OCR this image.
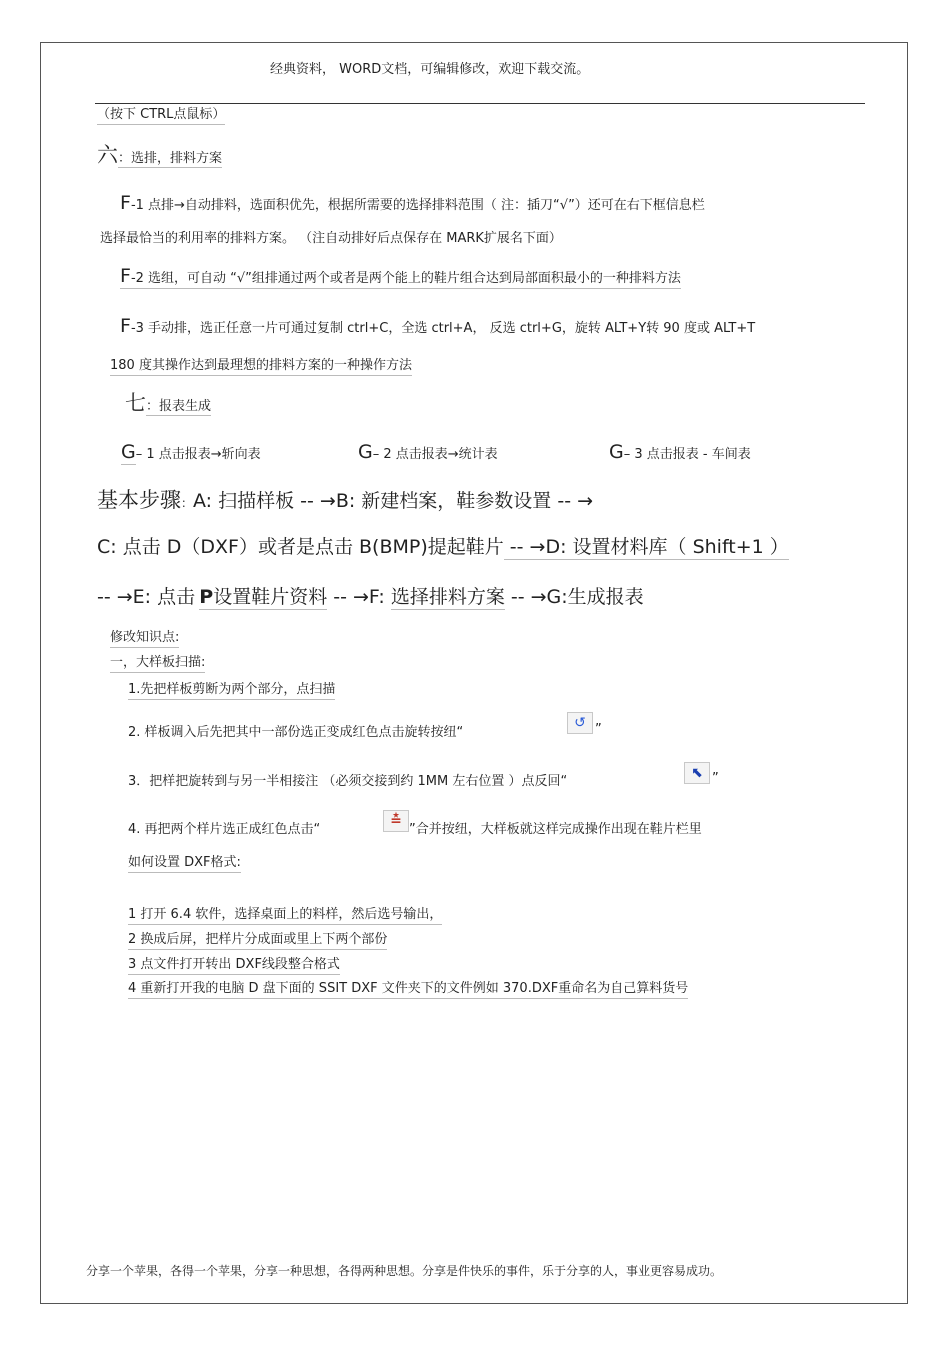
经典资料， WORD文档，可编辑修改，欢迎下载交流。
（按下 CTRL点鼠标）
六：选排，排料方案
F-1 点排→自动排料，选面积优先，根据所需要的选择排料范围（ 注：插刀“√”）还可在右下框信息栏
选择最恰当的利用率的排料方案。 （注自动排好后点保存在 MARK扩展名下面）
F-2 选组，可自动 “√”组排通过两个或者是两个能上的鞋片组合达到局部面积最小的一种排料方法
F-3 手动排，选正任意一片可通过复制 ctrl+C，全选 ctrl+A， 反选 ctrl+G，旋转 ALT+Y转 90 度或 ALT+T
180 度其操作达到最理想的排料方案的一种操作方法
七：报表生成
G– 1 点击报表→斩向表	G– 2 点击报表→统计表	G– 3 点击报表 - 车间表
基本步骤：A: 扫描样板 -- →B: 新建档案，鞋参数设置 -- →
C: 点击 D（DXF）或者是点击 B(BMP)提起鞋片 -- →D: 设置材料库（ Shift+1 ）
-- →E: 点击 P设置鞋片资料 -- →F: 选择排料方案 -- →G:生成报表
修改知识点:
一，大样板扫描:
1.先把样板剪断为两个部分，点扫描
2. 样板调入后先把其中一部份选正变成红色点击旋转按纽“
↺ ”
3．把样把旋转到与另一半相接注 （必须交接到约 1MM 左右位置 ）点反回“
⬉ ”
4. 再把两个样片选正成红色点击“
≛
”合并按纽，大样板就这样完成操作出现在鞋片栏里
如何设置 DXF格式:
1 打开 6.4 软件，选择桌面上的料样，然后选号输出，
2 换成后屏，把样片分成面或里上下两个部份
3 点文件打开转出 DXF线段整合格式
4 重新打开我的电脑 D 盘下面的 SSIT DXF 文件夹下的文件例如 370.DXF重命名为自己算料货号
分享一个苹果，各得一个苹果，分享一种思想，各得两种思想。分享是件快乐的事件，乐于分享的人，事业更容易成功。
